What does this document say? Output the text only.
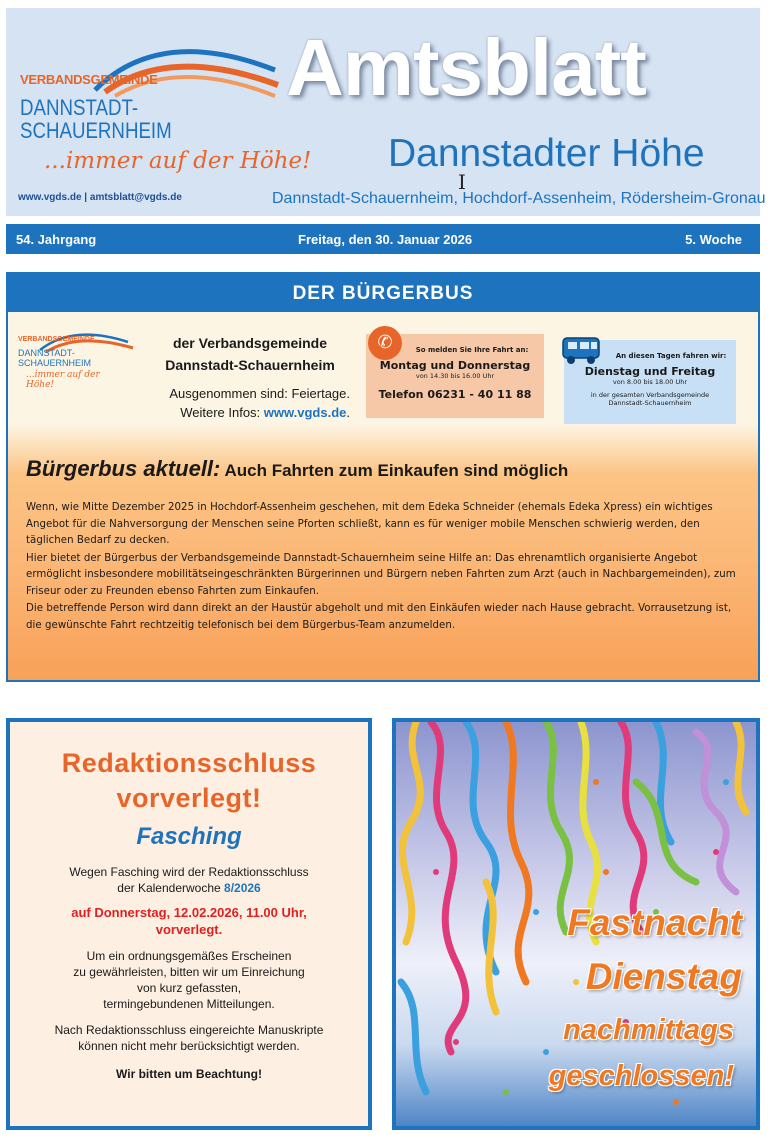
VERBANDSGEMEINDE
DANNSTADT-
SCHAUERNHEIM
...immer auf der Höhe!
www.vgds.de | amtsblatt@vgds.de
Amtsblatt
Dannstadter Höhe
Dannstadt-Schauernheim, Hochdorf-Assenheim, Rödersheim-Gronau
54. Jahrgang	Freitag, den 30. Januar 2026	5. Woche
DER BÜRGERBUS
VERBANDSGEMEINDE
DANNSTADT-
SCHAUERNHEIM
...immer auf der Höhe!
der Verbandsgemeinde
Dannstadt-Schauernheim
Ausgenommen sind: Feiertage.
Weitere Infos: www.vgds.de.
✆	So melden Sie Ihre Fahrt an:
Montag und Donnerstag
von 14.30 bis 16.00 Uhr
Telefon 06231 - 40 11 88
An diesen Tagen fahren wir:
Dienstag und Freitag
von 8.00 bis 18.00 Uhr
in der gesamten Verbandsgemeinde
Dannstadt-Schauernheim
Bürgerbus aktuell: Auch Fahrten zum Einkaufen sind möglich

Wenn, wie Mitte Dezember 2025 in Hochdorf-Assenheim geschehen, mit dem Edeka Schneider (ehemals Edeka Xpress) ein wichtiges Angebot für die Nahversorgung der Menschen seine Pforten schließt, kann es für weniger mobile Menschen schwierig werden, den täglichen Bedarf zu decken.

Hier bietet der Bürgerbus der Verbandsgemeinde Dannstadt-Schauernheim seine Hilfe an: Das ehrenamtlich organisierte Angebot ermöglicht insbesondere mobilitätseingeschränkten Bürgerinnen und Bürgern neben Fahrten zum Arzt (auch in Nachbargemeinden), zum Friseur oder zu Freunden ebenso Fahrten zum Einkaufen.

Die betreffende Person wird dann direkt an der Haustür abgeholt und mit den Einkäufen wieder nach Hause gebracht. Vorrausetzung ist, die gewünschte Fahrt rechtzeitig telefonisch bei dem Bürgerbus-Team anzumelden.

Redaktionsschluss
vorverlegt!
Fasching
Wegen Fasching wird der Redaktionsschluss
der Kalenderwoche 8/2026
auf Donnerstag, 12.02.2026, 11.00 Uhr,
vorverlegt.
Um ein ordnungsgemäßes Erscheinen
zu gewährleisten, bitten wir um Einreichung
von kurz gefassten,
termingebundenen Mitteilungen.
Nach Redaktionsschluss eingereichte Manuskripte
können nicht mehr berücksichtigt werden.
Wir bitten um Beachtung!
Fastnacht
Dienstag
nachmittags
geschlossen!
I
